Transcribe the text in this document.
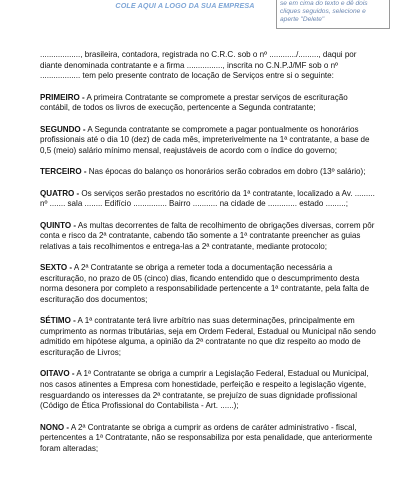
COLE AQUI A LOGO DA SUA EMPRESA	se em cima do texto e dê dois cliques seguidos, selecione e aperte "Delete"

.................., brasileira, contadora, registrada no C.R.C. sob o nº ............/........., daqui por diante denominada contratante e a firma ................, inscrita no C.N.P.J/MF sob o nº .................. tem pelo presente contrato de locação de Serviços entre si o seguinte:

PRIMEIRO - A primeira Contratante se compromete a prestar serviços de escrituração contábil, de todos os livros de execução, pertencente a Segunda contratante;

SEGUNDO - A Segunda contratante se compromete a pagar pontualmente os honorários profissionais até o dia 10 (dez) de cada mês, impreterivelmente na 1ª contratante, a base de 0,5 (meio) salário mínimo mensal, reajustáveis de acordo com o índice do governo;

TERCEIRO - Nas épocas do balanço os honorários serão cobrados em dobro (13º salário);

QUATRO - Os serviços serão prestados no escritório da 1ª contratante, localizado a Av. ......... nº ....... sala ........ Edifício ............... Bairro ........... na cidade de ............. estado .........;

QUINTO - As multas decorrentes de falta de recolhimento de obrigações diversas, correm pôr conta e risco da 2ª contratante, cabendo tão somente a 1ª contratante preencher as guias relativas a tais recolhimentos e entrega-las a 2ª contratante, mediante protocolo;

SEXTO - A 2ª Contratante se obriga a remeter toda a documentação necessária a escrituração, no prazo de 05 (cinco) dias, ficando entendido que o descumprimento desta norma desonera por completo a responsabilidade pertencente a 1ª contratante, pela falta de escrituração dos documentos;

SÉTIMO - A 1ª contratante terá livre arbítrio nas suas determinações, principalmente em cumprimento as normas tributárias, seja em Ordem Federal, Estadual ou Municipal não sendo admitido em hipótese alguma, a opinião da 2ª contratante no que diz respeito ao modo de escrituração de Livros;

OITAVO - A 1ª Contratante se obriga a cumprir a Legislação Federal, Estadual ou Municipal, nos casos atinentes a Empresa com honestidade, perfeição e respeito a legislação vigente, resguardando os interesses da 2ª contratante, se prejuízo de suas dignidade profissional (Código de Ética Profissional do Contabilista - Art. ......);

NONO - A 2ª Contratante se obriga a cumprir as ordens de caráter administrativo - fiscal, pertencentes a 1ª Contratante, não se responsabiliza por esta penalidade, que anteriormente foram alteradas;
